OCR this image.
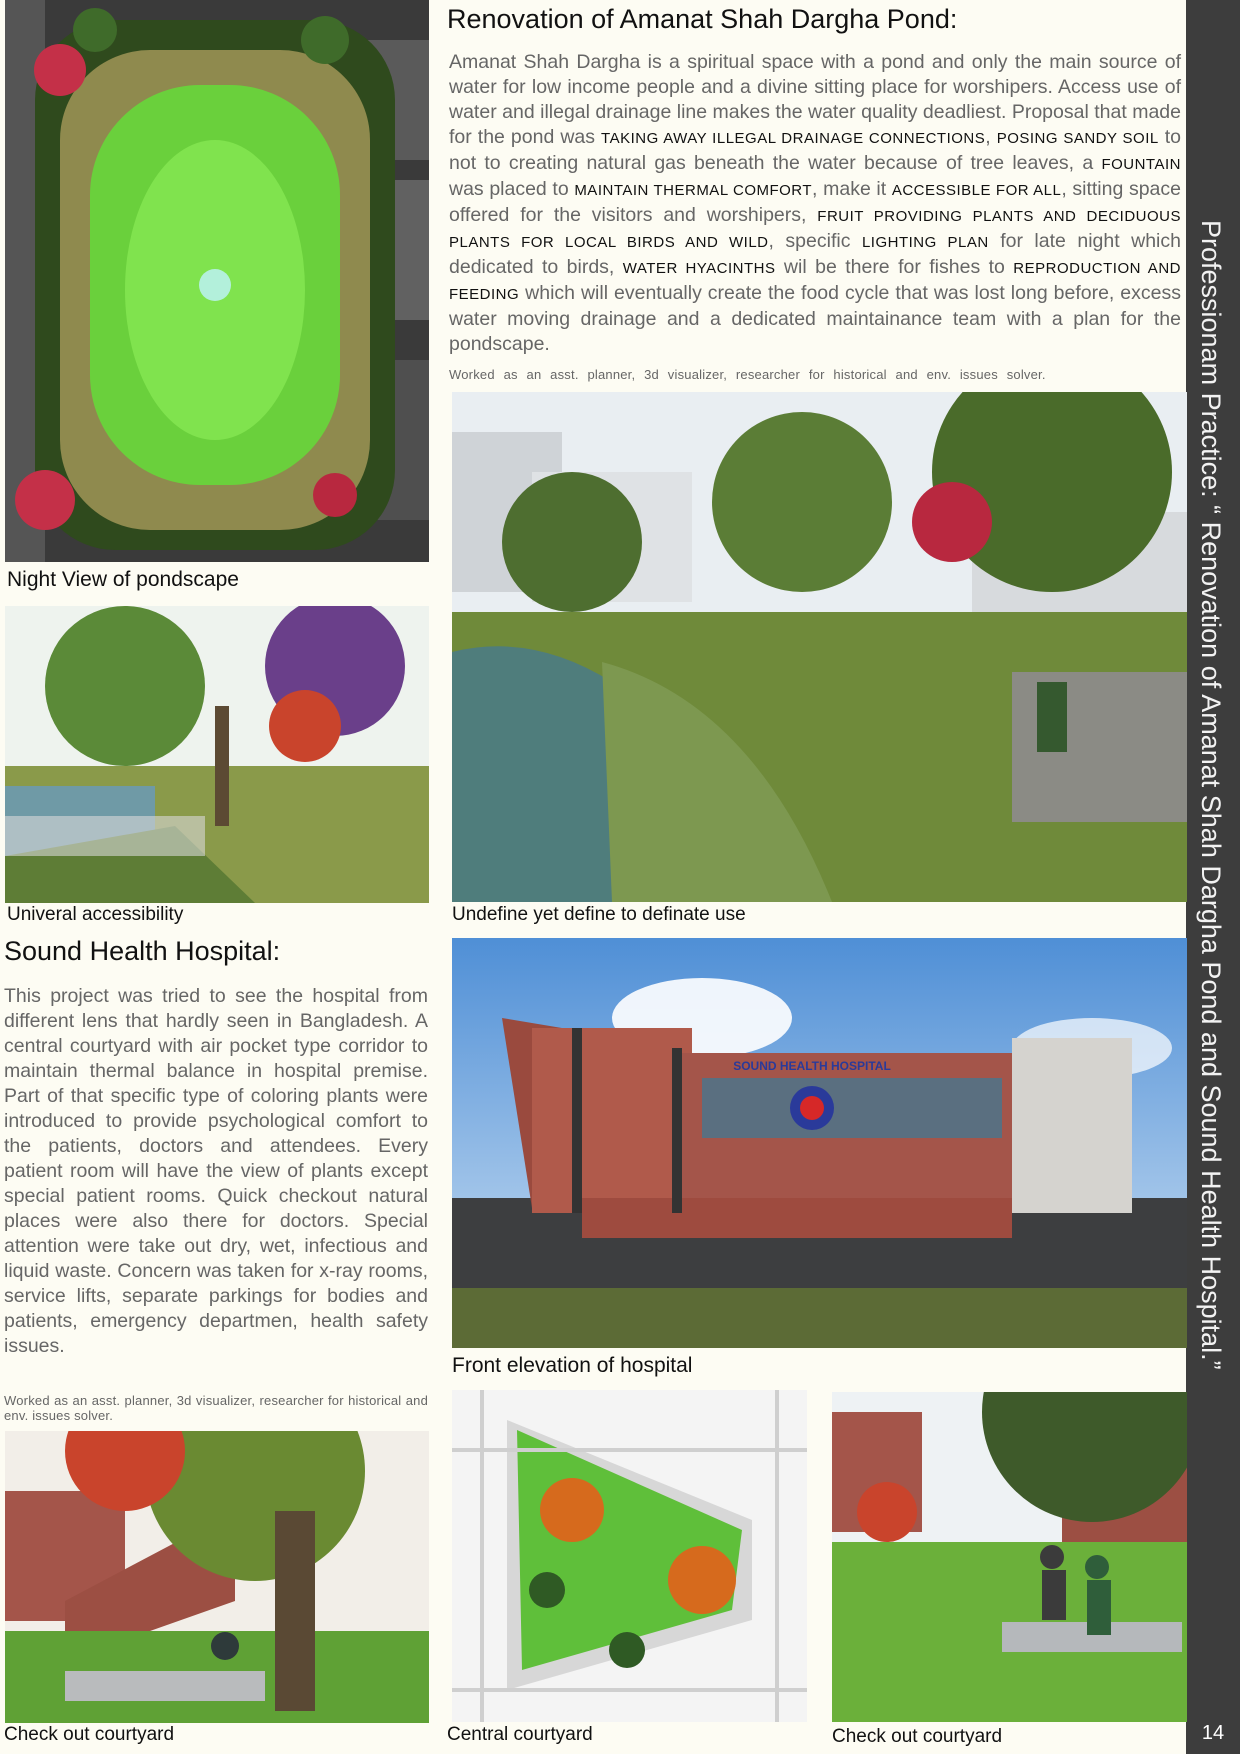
Professionam Practice: “ Renovation of Amanat Shah Dargha Pond and Sound Health Hospital.”
14
Night View of pondscape
Renovation of Amanat Shah Dargha Pond:
Amanat Shah Dargha is a spiritual space with a pond and only the main source of water for low income people and a divine sitting place for worshipers. Access use of water and illegal drainage line makes the water quality deadliest. Proposal that made for the pond was TAKING AWAY ILLEGAL DRAINAGE CONNECTIONS, POSING SANDY SOIL to not to creating natural gas beneath the water because of tree leaves, a FOUNTAIN was placed to MAINTAIN THERMAL COMFORT, make it ACCESSIBLE FOR ALL, sitting space offered for the visitors and worshipers, FRUIT PROVIDING PLANTS AND DECIDUOUS PLANTS FOR LOCAL BIRDS AND WILD, specific LIGHTING PLAN for late night which dedicated to birds, WATER HYACINTHS wil be there for fishes to REPRODUCTION AND FEEDING which will eventually create the food cycle that was lost long before, excess water moving drainage and a dedicated maintainance team with a plan for the pondscape.
Worked as an asst. planner, 3d visualizer, researcher for historical and env. issues solver.
Univeral accessibility	Undefine yet define to definate use
Sound Health Hospital:
This project was tried to see the hospital from different lens that hardly seen in Bangladesh. A central courtyard with air pocket type corridor to maintain thermal balance in hospital premise. Part of that specific type of coloring plants were introduced to provide psychological comfort to the patients, doctors and attendees. Every patient room will have the view of plants except special patient rooms. Quick checkout natural places were also there for doctors. Special attention were take out dry, wet, infectious and liquid waste. Concern was taken for x-ray rooms, service lifts, separate parkings for bodies and patients, emergency departmen, health safety issues.
Worked as an asst. planner, 3d visualizer, researcher for historical and env. issues solver.
SOUND HEALTH HOSPITAL
Front elevation of hospital
Check out courtyard	Central courtyard	Check out courtyard
